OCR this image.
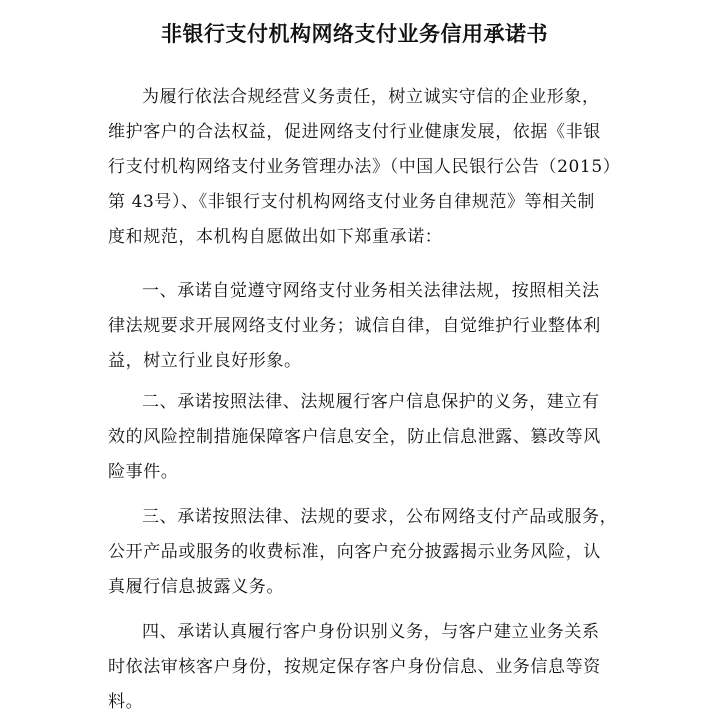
非银行支付机构网络支付业务信用承诺书
为履行依法合规经营义务责任，树立诚实守信的企业形象，
维护客户的合法权益，促进网络支付行业健康发展，依据《非银
行支付机构网络支付业务管理办法》（中国人民银行公告（2015）
第 43号）、《非银行支付机构网络支付业务自律规范》等相关制
度和规范，本机构自愿做出如下郑重承诺：
一、承诺自觉遵守网络支付业务相关法律法规，按照相关法
律法规要求开展网络支付业务；诚信自律，自觉维护行业整体利
益，树立行业良好形象。
二、承诺按照法律、法规履行客户信息保护的义务，建立有
效的风险控制措施保障客户信息安全，防止信息泄露、篡改等风
险事件。
三、承诺按照法律、法规的要求，公布网络支付产品或服务，
公开产品或服务的收费标准，向客户充分披露揭示业务风险，认
真履行信息披露义务。
四、承诺认真履行客户身份识别义务，与客户建立业务关系
时依法审核客户身份，按规定保存客户身份信息、业务信息等资
料。
